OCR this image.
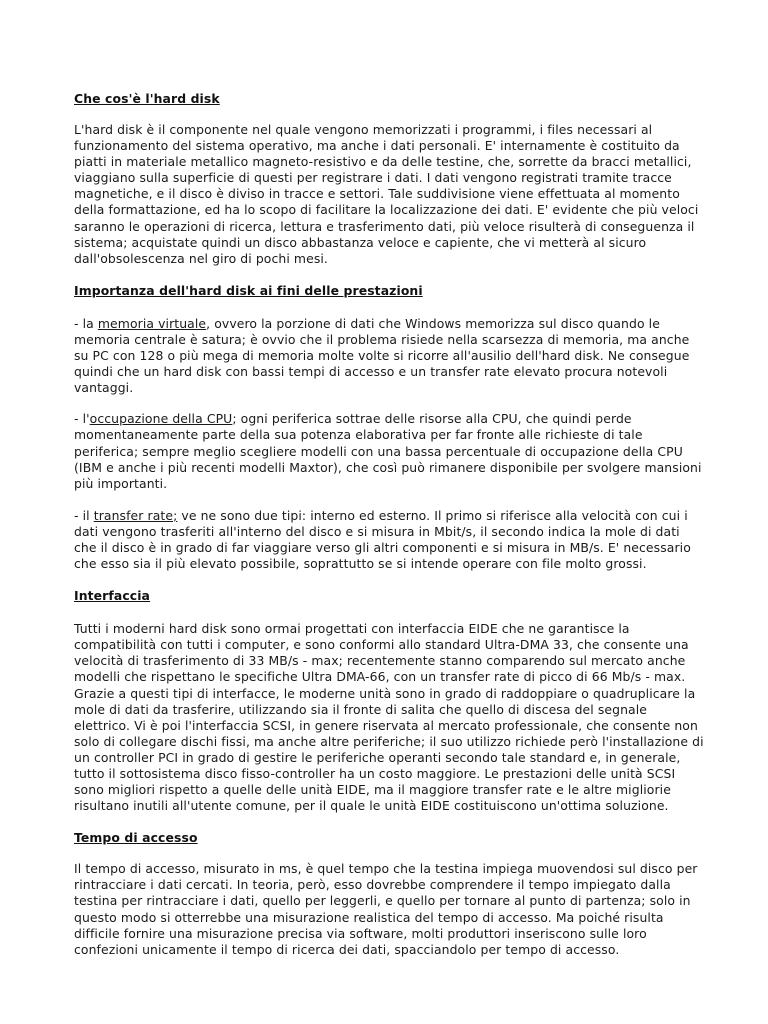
Che cos'è l'hard disk

L'hard disk è il componente nel quale vengono memorizzati i programmi, i files necessari al funzionamento del sistema operativo, ma anche i dati personali. E' internamente è costituito da piatti in materiale metallico magneto-resistivo e da delle testine, che, sorrette da bracci metallici, viaggiano sulla superficie di questi per registrare i dati. I dati vengono registrati tramite tracce magnetiche, e il disco è diviso in tracce e settori. Tale suddivisione viene effettuata al momento della formattazione, ed ha lo scopo di facilitare la localizzazione dei dati. E' evidente che più veloci saranno le operazioni di ricerca, lettura e trasferimento dati, più veloce risulterà di conseguenza il sistema; acquistate quindi un disco abbastanza veloce e capiente, che vi metterà al sicuro dall'obsolescenza nel giro di pochi mesi.

Importanza dell'hard disk ai fini delle prestazioni

- la memoria virtuale, ovvero la porzione di dati che Windows memorizza sul disco quando le memoria centrale è satura; è ovvio che il problema risiede nella scarsezza di memoria, ma anche su PC con 128 o più mega di memoria molte volte si ricorre all'ausilio dell'hard disk. Ne consegue quindi che un hard disk con bassi tempi di accesso e un transfer rate elevato procura notevoli vantaggi.

- l'occupazione della CPU; ogni periferica sottrae delle risorse alla CPU, che quindi perde momentaneamente parte della sua potenza elaborativa per far fronte alle richieste di tale periferica; sempre meglio scegliere modelli con una bassa percentuale di occupazione della CPU (IBM e anche i più recenti modelli Maxtor), che così può rimanere disponibile per svolgere mansioni più importanti.

- il transfer rate; ve ne sono due tipi: interno ed esterno. Il primo si riferisce alla velocità con cui i dati vengono trasferiti all'interno del disco e si misura in Mbit/s, il secondo indica la mole di dati che il disco è in grado di far viaggiare verso gli altri componenti e si misura in MB/s. E' necessario che esso sia il più elevato possibile, soprattutto se si intende operare con file molto grossi.

Interfaccia

Tutti i moderni hard disk sono ormai progettati con interfaccia EIDE che ne garantisce la compatibilità con tutti i computer, e sono conformi allo standard Ultra-DMA 33, che consente una velocità di trasferimento di 33 MB/s - max; recentemente stanno comparendo sul mercato anche modelli che rispettano le specifiche Ultra DMA-66, con un transfer rate di picco di 66 Mb/s - max. Grazie a questi tipi di interfacce, le moderne unità sono in grado di raddoppiare o quadruplicare la mole di dati da trasferire, utilizzando sia il fronte di salita che quello di discesa del segnale elettrico. Vi è poi l'interfaccia SCSI, in genere riservata al mercato professionale, che consente non solo di collegare dischi fissi, ma anche altre periferiche; il suo utilizzo richiede però l'installazione di un controller PCI in grado di gestire le periferiche operanti secondo tale standard e, in generale, tutto il sottosistema disco fisso-controller ha un costo maggiore. Le prestazioni delle unità SCSI sono migliori rispetto a quelle delle unità EIDE, ma il maggiore transfer rate e le altre migliorie risultano inutili all'utente comune, per il quale le unità EIDE costituiscono un'ottima soluzione.

Tempo di accesso

Il tempo di accesso, misurato in ms, è quel tempo che la testina impiega muovendosi sul disco per rintracciare i dati cercati. In teoria, però, esso dovrebbe comprendere il tempo impiegato dalla testina per rintracciare i dati, quello per leggerli, e quello per tornare al punto di partenza; solo in questo modo si otterrebbe una misurazione realistica del tempo di accesso. Ma poiché risulta difficile fornire una misurazione precisa via software, molti produttori inseriscono sulle loro confezioni unicamente il tempo di ricerca dei dati, spacciandolo per tempo di accesso.
